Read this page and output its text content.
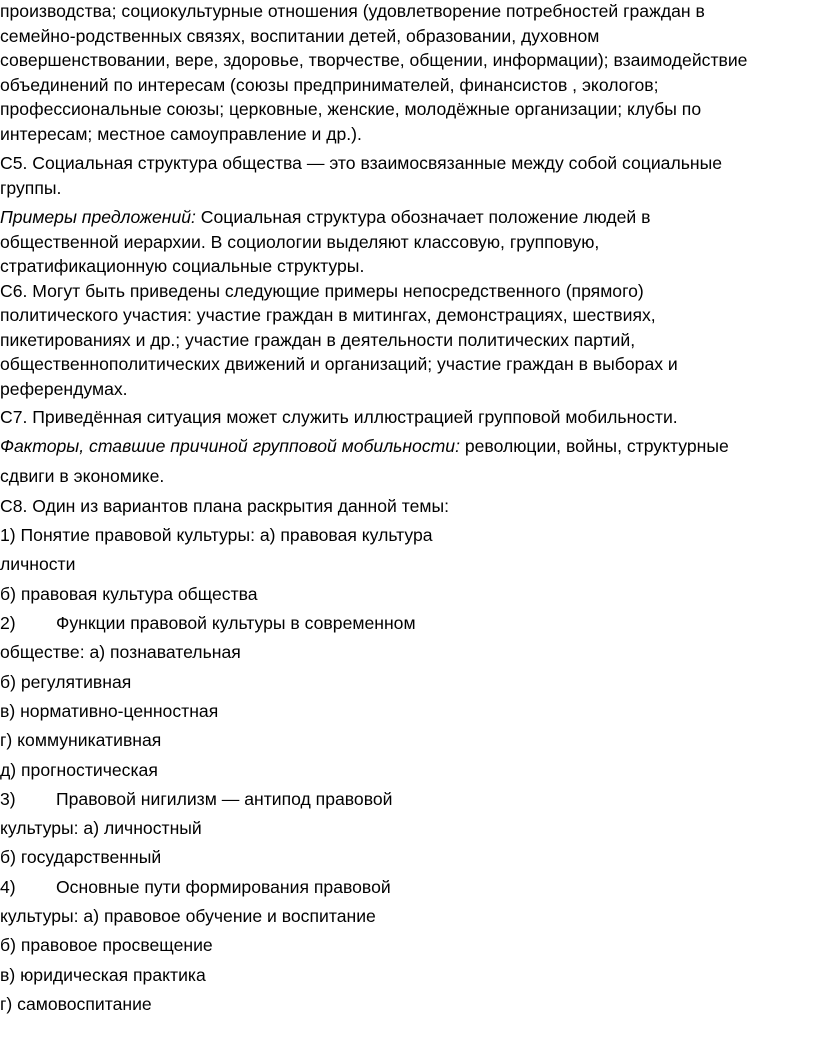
производства; социокультурные отношения (удовлетворение потребностей граждан в
семейно-родственных связях, воспитании детей, образовании, духовном
совершенствовании, вере, здоровье, творчестве, общении, информации); взаимодействие
объединений по интересам (союзы предпринимателей, финансистов , экологов;
профессиональные союзы; церковные, женские, молодёжные организации; клубы по
интересам; местное самоуправление и др.).
С5. Социальная структура общества — это взаимосвязанные между собой социальные
группы.
Примеры предложений: Социальная структура обозначает положение людей в
общественной иерархии. В социологии выделяют классовую, групповую,
стратификационную социальные структуры.
С6. Могут быть приведены следующие примеры непосредственного (прямого)
политического участия: участие граждан в митингах, демонстрациях, шествиях,
пикетированиях и др.; участие граждан в деятельности политических партий,
общественнополитических движений и организаций; участие граждан в выборах и
референдумах.
С7. Приведённая ситуация может служить иллюстрацией групповой мобильности.
Факторы, ставшие причиной групповой мобильности: революции, войны, структурные
сдвиги в экономике.
С8. Один из вариантов плана раскрытия данной темы:
1) Понятие правовой культуры: а) правовая культура
личности
б) правовая культура общества
2) Функции правовой культуры в современном
обществе: а) познавательная
б) регулятивная
в) нормативно-ценностная
г) коммуникативная
д) прогностическая
3) Правовой нигилизм — антипод правовой
культуры: а) личностный
б) государственный
4) Основные пути формирования правовой
культуры: а) правовое обучение и воспитание
б) правовое просвещение
в) юридическая практика
г) самовоспитание
